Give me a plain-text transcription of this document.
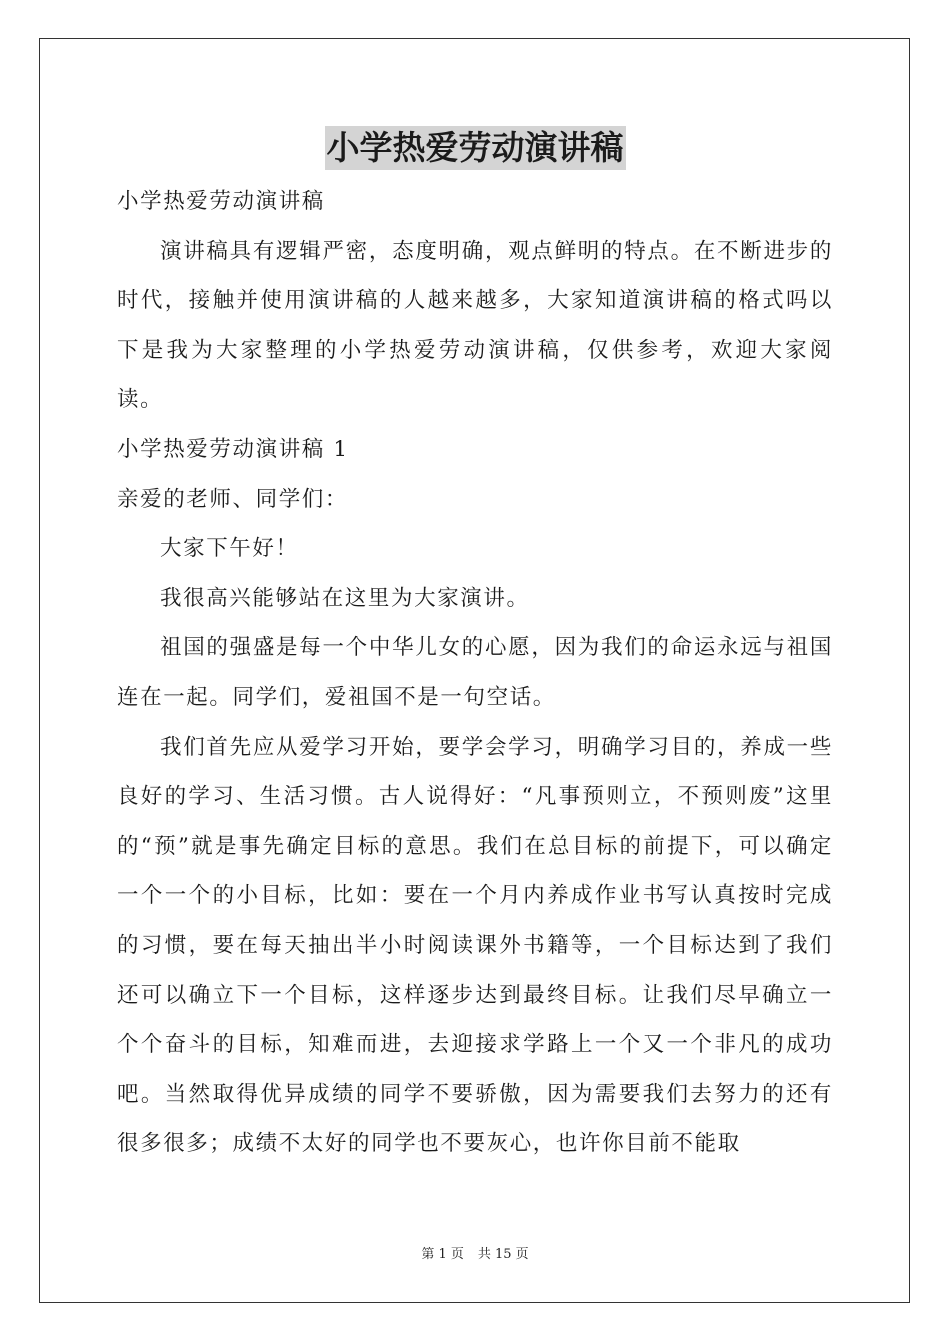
小学热爱劳动演讲稿

小学热爱劳动演讲稿

演讲稿具有逻辑严密，态度明确，观点鲜明的特点。在不断进步的时代，接触并使用演讲稿的人越来越多，大家知道演讲稿的格式吗以下是我为大家整理的小学热爱劳动演讲稿，仅供参考，欢迎大家阅读。

小学热爱劳动演讲稿 1

亲爱的老师、同学们：

大家下午好！

我很高兴能够站在这里为大家演讲。

祖国的强盛是每一个中华儿女的心愿，因为我们的命运永远与祖国连在一起。同学们，爱祖国不是一句空话。

我们首先应从爱学习开始，要学会学习，明确学习目的，养成一些良好的学习、生活习惯。古人说得好：“凡事预则立，不预则废”这里的“预”就是事先确定目标的意思。我们在总目标的前提下，可以确定一个一个的小目标，比如：要在一个月内养成作业书写认真按时完成的习惯，要在每天抽出半小时阅读课外书籍等，一个目标达到了我们还可以确立下一个目标，这样逐步达到最终目标。让我们尽早确立一个个奋斗的目标，知难而进，去迎接求学路上一个又一个非凡的成功吧。当然取得优异成绩的同学不要骄傲，因为需要我们去努力的还有很多很多；成绩不太好的同学也不要灰心，也许你目前不能取

第 1 页 共 15 页
